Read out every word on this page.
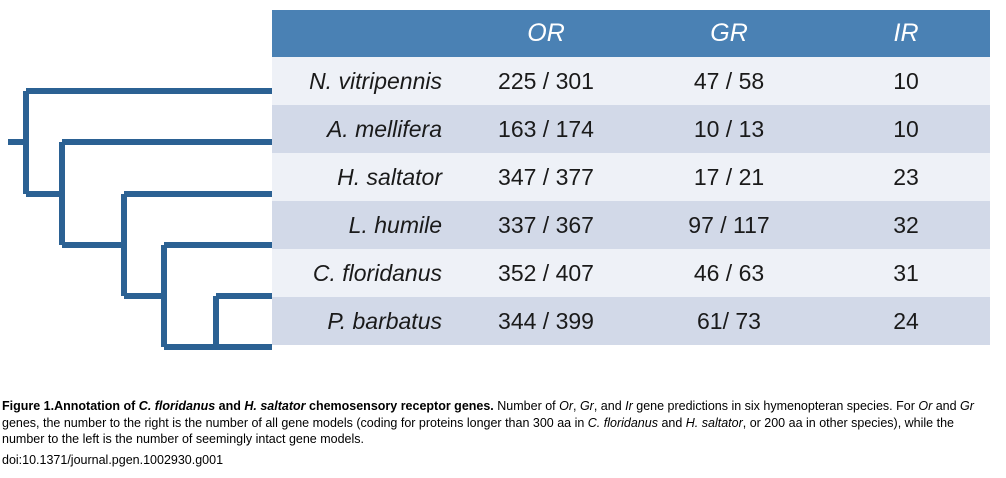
	OR	GR	IR
N. vitripennis	225 / 301	47 / 58	10
A. mellifera	163 / 174	10 / 13	10
H. saltator	347 / 377	17 / 21	23
L. humile	337 / 367	97 / 117	32
C. floridanus	352 / 407	46 / 63	31
P. barbatus	344 / 399	61/ 73	24
Figure 1.Annotation of C. floridanus and H. saltator chemosensory receptor genes. Number of Or, Gr, and Ir gene predictions in six hymenopteran species. For Or and Gr genes, the number to the right is the number of all gene models (coding for proteins longer than 300 aa in C. floridanus and H. saltator, or 200 aa in other species), while the number to the left is the number of seemingly intact gene models.
doi:10.1371/journal.pgen.1002930.g001
